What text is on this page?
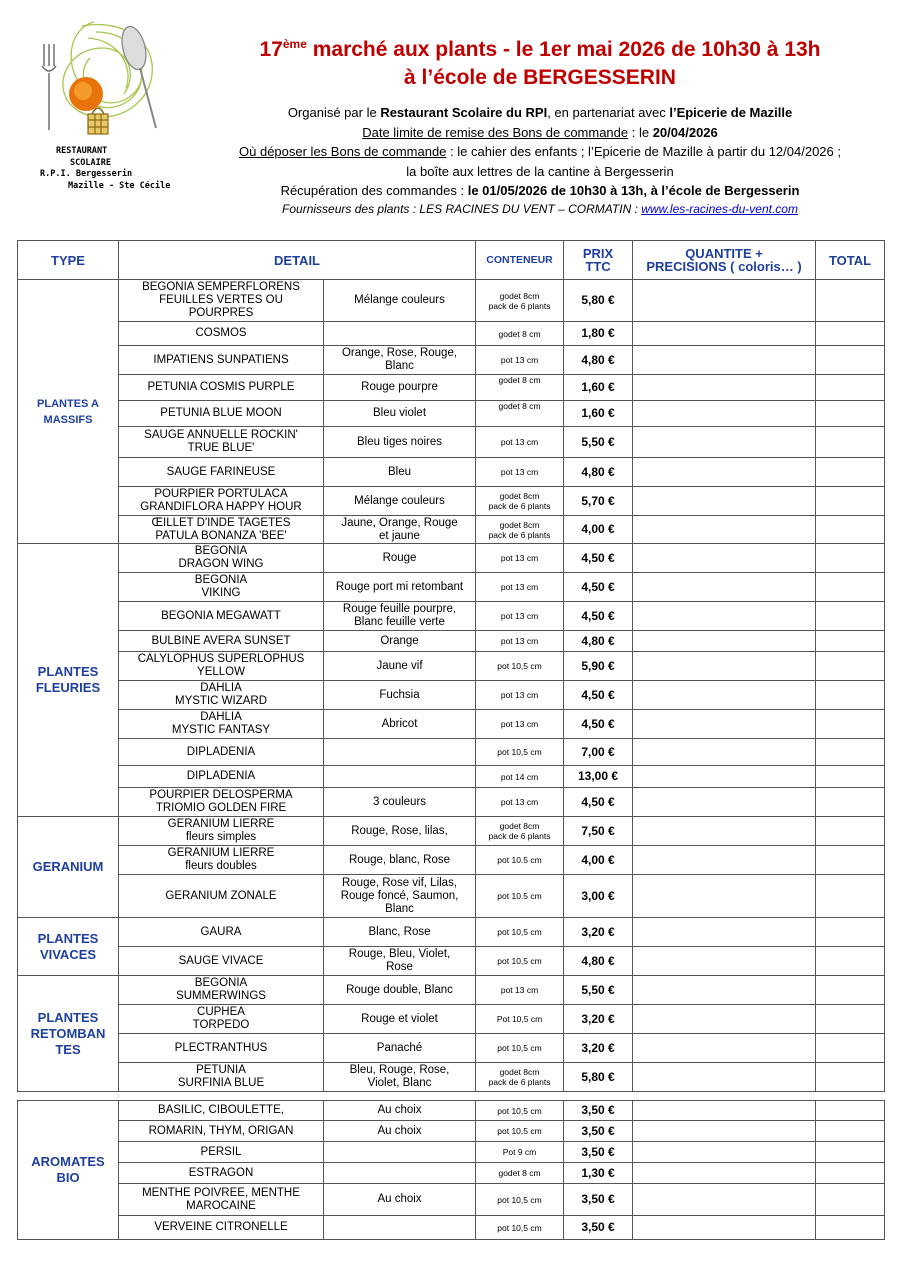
RESTAURANT
SCOLAIRE
R.P.I. Bergesserin
Mazille - Ste Cécile
17ème marché aux plants - le 1er mai 2026 de 10h30 à 13h
à l’école de BERGESSERIN
Organisé par le Restaurant Scolaire du RPI, en partenariat avec l’Epicerie de Mazille
Date limite de remise des Bons de commande : le 20/04/2026
Où déposer les Bons de commande : le cahier des enfants ; l’Epicerie de Mazille à partir du 12/04/2026 ;
la boîte aux lettres de la cantine à Bergesserin
Récupération des commandes : le 01/05/2026 de 10h30 à 13h, à l’école de Bergesserin
Fournisseurs des plants : LES RACINES DU VENT – CORMATIN : www.les-racines-du-vent.com
TYPE	DETAIL		CONTENEUR	PRIX
TTC	QUANTITE +
PRECISIONS ( coloris… )	TOTAL
PLANTES A
MASSIFS	BEGONIA SEMPERFLORENS
FEUILLES VERTES OU
POURPRES	Mélange couleurs	godet 8cm
pack de 6 plants	5,80 €		
	COSMOS		godet 8 cm	1,80 €		
	IMPATIENS SUNPATIENS	Orange, Rose, Rouge,
Blanc	pot 13 cm	4,80 €		
	PETUNIA COSMIS PURPLE	Rouge pourpre	godet 8 cm	1,60 €		
	PETUNIA BLUE MOON	Bleu violet	godet 8 cm	1,60 €		
	SAUGE ANNUELLE ROCKIN'
TRUE BLUE'	Bleu tiges noires	pot 13 cm	5,50 €		
	SAUGE FARINEUSE	Bleu	pot 13 cm	4,80 €		
	POURPIER PORTULACA
GRANDIFLORA HAPPY HOUR	Mélange couleurs	godet 8cm
pack de 6 plants	5,70 €		
	ŒILLET D'INDE TAGETES
PATULA BONANZA 'BEE'	Jaune, Orange, Rouge
et jaune	godet 8cm
pack de 6 plants	4,00 €		
PLANTES
FLEURIES	BEGONIA
DRAGON WING	Rouge	pot 13 cm	4,50 €		
	BEGONIA
VIKING	Rouge port mi retombant	pot 13 cm	4,50 €		
	BEGONIA MEGAWATT	Rouge feuille pourpre,
Blanc feuille verte	pot 13 cm	4,50 €		
	BULBINE AVERA SUNSET	Orange	pot 13 cm	4,80 €		
	CALYLOPHUS SUPERLOPHUS
YELLOW	Jaune vif	pot 10,5 cm	5,90 €		
	DAHLIA
MYSTIC WIZARD	Fuchsia	pot 13 cm	4,50 €		
	DAHLIA
MYSTIC FANTASY	Abricot	pot 13 cm	4,50 €		
	DIPLADENIA		pot 10,5 cm	7,00 €		
	DIPLADENIA		pot 14 cm	13,00 €		
	POURPIER DELOSPERMA
TRIOMIO GOLDEN FIRE	3 couleurs	pot 13 cm	4,50 €		
GERANIUM	GERANIUM LIERRE
fleurs simples	Rouge, Rose, lilas,	godet 8cm
pack de 6 plants	7,50 €		
	GERANIUM LIERRE
fleurs doubles	Rouge, blanc, Rose	pot 10.5 cm	4,00 €		
	GERANIUM ZONALE	Rouge, Rose vif, Lilas,
Rouge foncé, Saumon,
Blanc	pot 10.5 cm	3,00 €		
PLANTES
VIVACES	GAURA	Blanc, Rose	pot 10,5 cm	3,20 €		
	SAUGE VIVACE	Rouge, Bleu, Violet,
Rose	pot 10,5 cm	4,80 €		
PLANTES
RETOMBAN
TES	BEGONIA
SUMMERWINGS	Rouge double, Blanc	pot 13 cm	5,50 €		
	CUPHEA
TORPEDO	Rouge et violet	Pot 10,5 cm	3,20 €		
	PLECTRANTHUS	Panaché	pot 10,5 cm	3,20 €		
	PETUNIA
SURFINIA BLUE	Bleu, Rouge, Rose,
Violet, Blanc	godet 8cm
pack de 6 plants	5,80 €		
AROMATES
BIO	BASILIC, CIBOULETTE,	Au choix	pot 10,5 cm	3,50 €		
	ROMARIN, THYM, ORIGAN	Au choix	pot 10,5 cm	3,50 €		
	PERSIL		Pot 9 cm	3,50 €		
	ESTRAGON		godet 8 cm	1,30 €		
	MENTHE POIVREE, MENTHE
MAROCAINE	Au choix	pot 10,5 cm	3,50 €		
	VERVEINE CITRONELLE		pot 10,5 cm	3,50 €		
